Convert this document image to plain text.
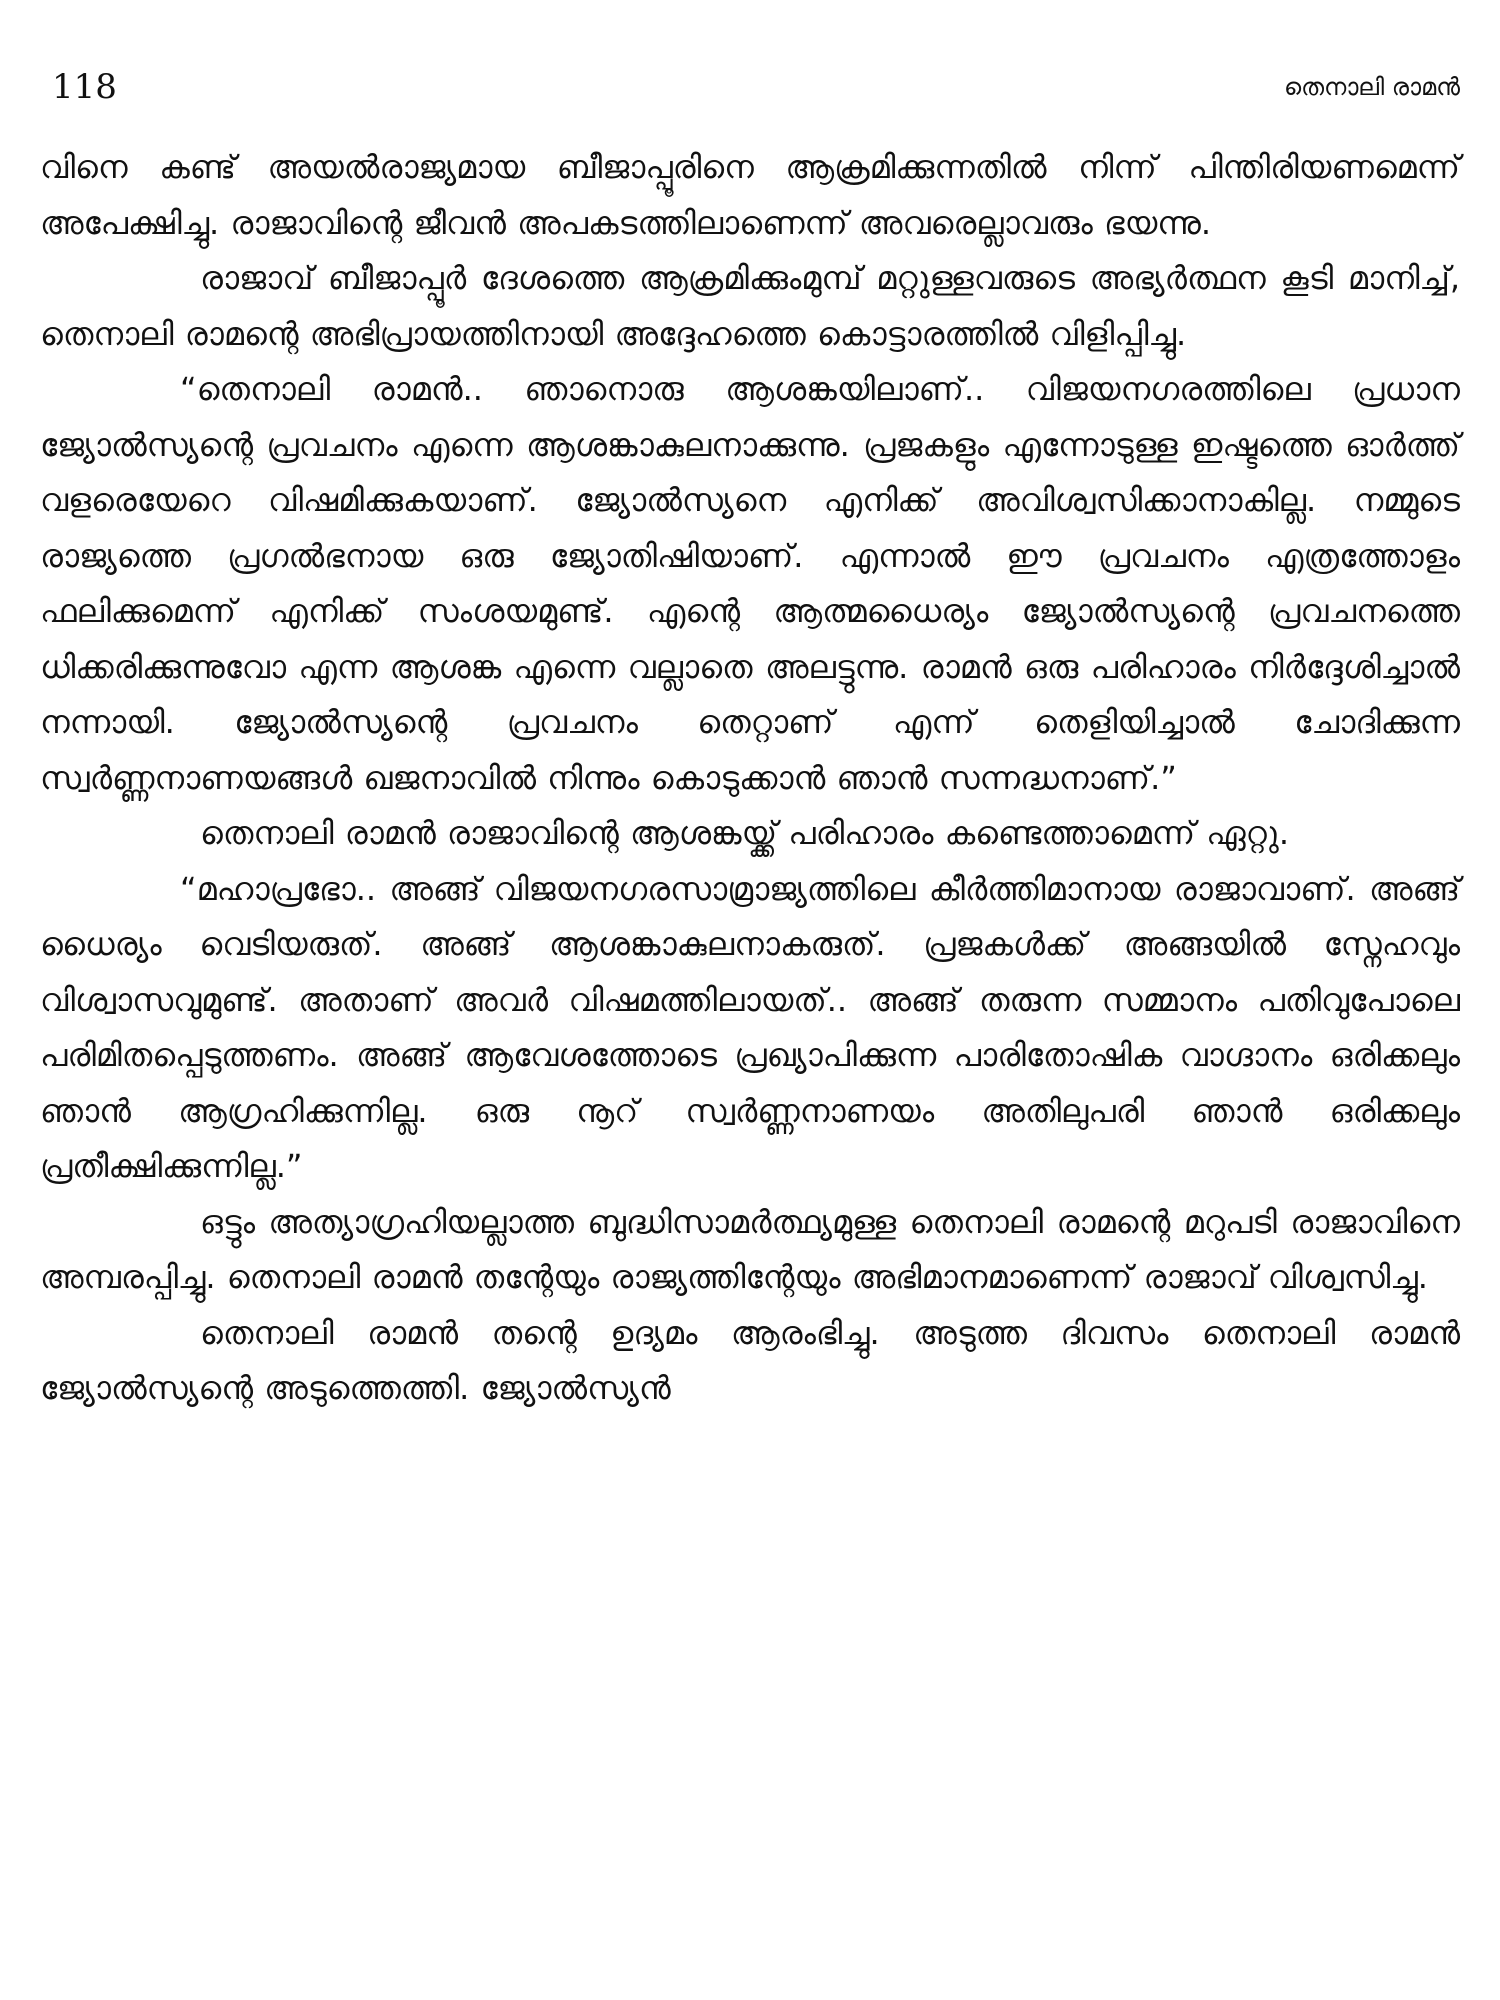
118	തെനാലി രാമൻ

വിനെ കണ്ട് അയൽരാജ്യമായ ബീജാപ്പൂരിനെ ആക്രമിക്കുന്നതിൽ നിന്ന് പിന്തിരിയണമെന്ന് അപേക്ഷിച്ചു. രാജാവിന്റെ ജീവൻ അപകടത്തിലാണെന്ന് അവരെല്ലാവരും ഭയന്നു.

രാജാവ് ബീജാപ്പൂർ ദേശത്തെ ആക്രമിക്കുംമുമ്പ് മറ്റുള്ളവരുടെ അഭ്യർത്ഥന കൂടി മാനിച്ച്, തെനാലി രാമന്റെ അഭിപ്രായത്തിനായി അദ്ദേഹത്തെ കൊട്ടാരത്തിൽ വിളിപ്പിച്ചു.

“തെനാലി രാമൻ.. ഞാനൊരു ആശങ്കയിലാണ്.. വിജയനഗരത്തിലെ പ്രധാന ജ്യോൽസ്യന്റെ പ്രവചനം എന്നെ ആശങ്കാകുലനാക്കുന്നു. പ്രജകളും എന്നോടുള്ള ഇഷ്ടത്തെ ഓർത്ത് വളരെയേറെ വിഷമിക്കുകയാണ്. ജ്യോൽസ്യനെ എനിക്ക് അവിശ്വസിക്കാനാകില്ല. നമ്മുടെ രാജ്യത്തെ പ്രഗൽഭനായ ഒരു ജ്യോതിഷിയാണ്. എന്നാൽ ഈ പ്രവചനം എത്രത്തോളം ഫലിക്കുമെന്ന് എനിക്ക് സംശയമുണ്ട്. എന്റെ ആത്മധൈര്യം ജ്യോൽസ്യന്റെ പ്രവചനത്തെ ധിക്കരിക്കുന്നുവോ എന്ന ആശങ്ക എന്നെ വല്ലാതെ അലട്ടുന്നു. രാമൻ ഒരു പരിഹാരം നിർദ്ദേശിച്ചാൽ നന്നായി. ജ്യോൽസ്യന്റെ പ്രവചനം തെറ്റാണ് എന്ന് തെളിയിച്ചാൽ ചോദിക്കുന്ന സ്വർണ്ണനാണയങ്ങൾ ഖജനാവിൽ നിന്നും കൊടുക്കാൻ ഞാൻ സന്നദ്ധനാണ്.”

തെനാലി രാമൻ രാജാവിന്റെ ആശങ്കയ്ക്ക് പരിഹാരം കണ്ടെത്താമെന്ന് ഏറ്റു.

“മഹാപ്രഭോ.. അങ്ങ് വിജയനഗരസാമ്രാജ്യത്തിലെ കീർത്തിമാനായ രാജാവാണ്. അങ്ങ് ധൈര്യം വെടിയരുത്. അങ്ങ് ആശങ്കാകുലനാകരുത്. പ്രജകൾക്ക് അങ്ങയിൽ സ്നേഹവും വിശ്വാസവുമുണ്ട്. അതാണ് അവർ വിഷമത്തിലായത്.. അങ്ങ് തരുന്ന സമ്മാനം പതിവുപോലെ പരിമിതപ്പെടുത്തണം. അങ്ങ് ആവേശത്തോടെ പ്രഖ്യാപിക്കുന്ന പാരിതോഷിക വാഗ്ദാനം ഒരിക്കലും ഞാൻ ആഗ്രഹിക്കുന്നില്ല. ഒരു നൂറ് സ്വർണ്ണനാണയം അതിലുപരി ഞാൻ ഒരിക്കലും പ്രതീക്ഷിക്കുന്നില്ല.”

ഒട്ടും അത്യാഗ്രഹിയല്ലാത്ത ബുദ്ധിസാമർത്ഥ്യമുള്ള തെനാലി രാമന്റെ മറുപടി രാജാവിനെ അമ്പരപ്പിച്ചു. തെനാലി രാമൻ തന്റേയും രാജ്യത്തിന്റേയും അഭിമാനമാണെന്ന് രാജാവ് വിശ്വസിച്ചു.

തെനാലി രാമൻ തന്റെ ഉദ്യമം ആരംഭിച്ചു. അടുത്ത ദിവസം തെനാലി രാമൻ ജ്യോൽസ്യന്റെ അടുത്തെത്തി. ജ്യോൽസ്യൻ
